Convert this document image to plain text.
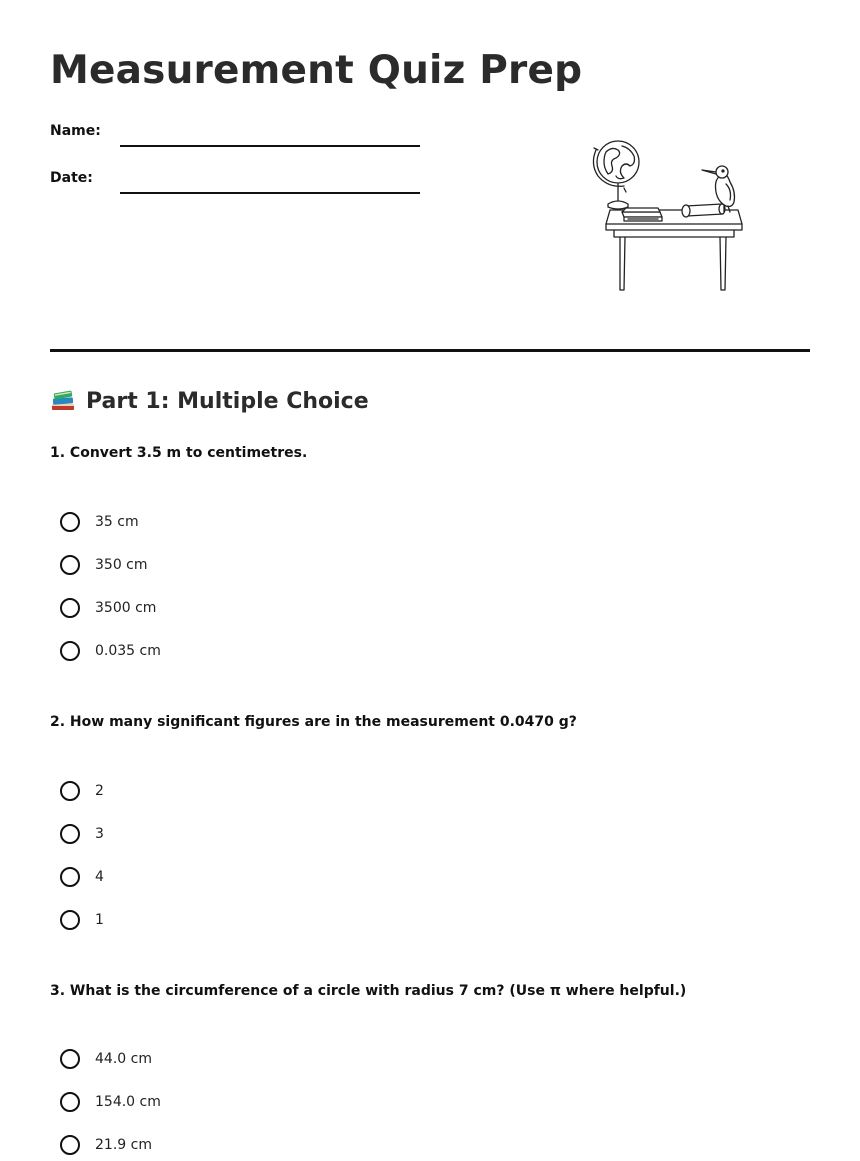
Measurement Quiz Prep
Name:
Date:
Part 1: Multiple Choice
1. Convert 3.5 m to centimetres.
35 cm
350 cm
3500 cm
0.035 cm
2. How many significant figures are in the measurement 0.0470 g?
2
3
4
1
3. What is the circumference of a circle with radius 7 cm? (Use π where helpful.)
44.0 cm
154.0 cm
21.9 cm
